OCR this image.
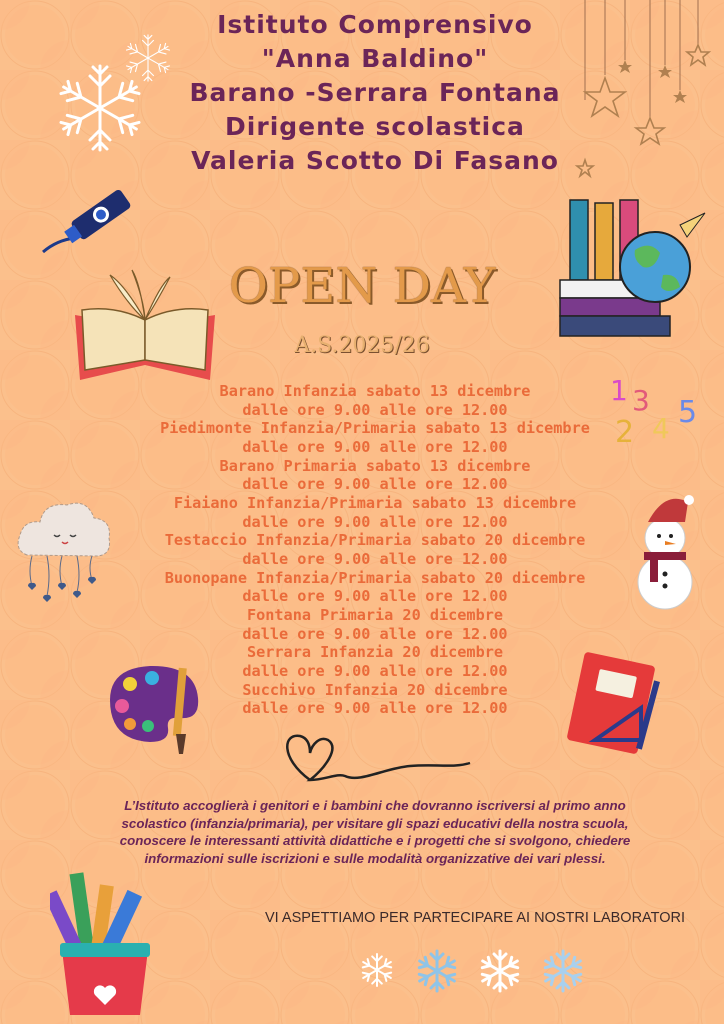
Istituto Comprensivo
"Anna Baldino"
Barano -Serrara Fontana
Dirigente scolastica
Valeria Scotto Di Fasano
OPEN DAY
A.S.2025/26
Barano Infanzia sabato 13 dicembre
dalle ore 9.00 alle ore 12.00
Piedimonte Infanzia/Primaria sabato 13 dicembre
dalle ore 9.00 alle ore 12.00
Barano Primaria sabato 13 dicembre
dalle ore 9.00 alle ore 12.00
Fiaiano Infanzia/Primaria sabato 13 dicembre
dalle ore 9.00 alle ore 12.00
Testaccio Infanzia/Primaria sabato 20 dicembre
dalle ore 9.00 alle ore 12.00
Buonopane Infanzia/Primaria sabato 20 dicembre
dalle ore 9.00 alle ore 12.00
Fontana Primaria 20 dicembre
dalle ore 9.00 alle ore 12.00
Serrara Infanzia 20 dicembre
dalle ore 9.00 alle ore 12.00
Succhivo Infanzia 20 dicembre
dalle ore 9.00 alle ore 12.00
1 3
2 4 5
L’Istituto accoglierà i genitori e i bambini che dovranno iscriversi al primo anno
scolastico (infanzia/primaria), per visitare gli spazi educativi della nostra scuola,
conoscere le interessanti attività didattiche e i progetti che si svolgono, chiedere
informazioni sulle iscrizioni e sulle modalità organizzative dei vari plessi.
VI ASPETTIAMO PER PARTECIPARE AI NOSTRI LABORATORI
